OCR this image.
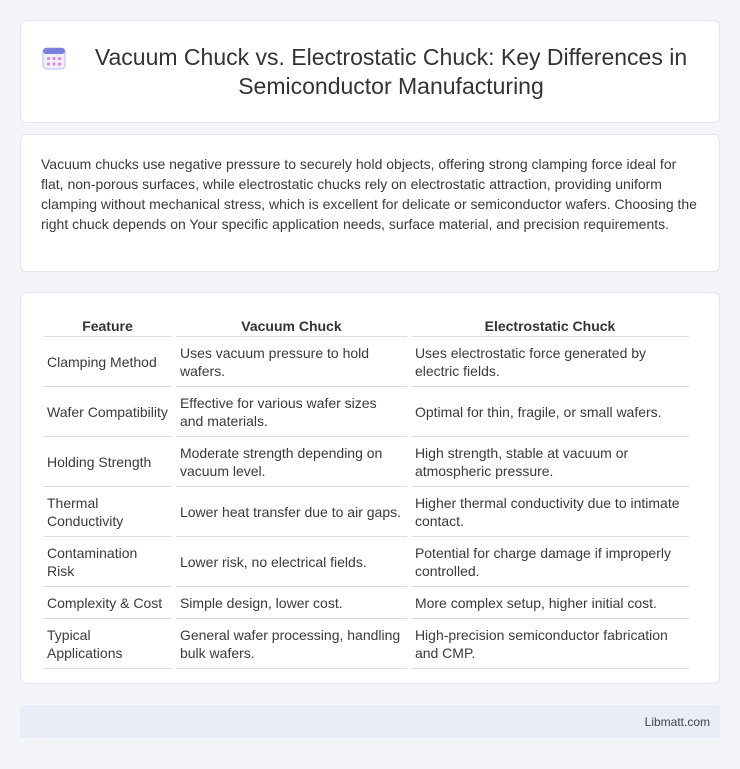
Vacuum Chuck vs. Electrostatic Chuck: Key Differences in Semiconductor Manufacturing

Vacuum chucks use negative pressure to securely hold objects, offering strong clamping force ideal for flat, non-porous surfaces, while electrostatic chucks rely on electrostatic attraction, providing uniform clamping without mechanical stress, which is excellent for delicate or semiconductor wafers. Choosing the right chuck depends on Your specific application needs, surface material, and precision requirements.

Feature	Vacuum Chuck	Electrostatic Chuck
Clamping Method	Uses vacuum pressure to hold wafers.	Uses electrostatic force generated by electric fields.
Wafer Compatibility	Effective for various wafer sizes and materials.	Optimal for thin, fragile, or small wafers.
Holding Strength	Moderate strength depending on vacuum level.	High strength, stable at vacuum or atmospheric pressure.
Thermal Conductivity	Lower heat transfer due to air gaps.	Higher thermal conductivity due to intimate contact.
Contamination Risk	Lower risk, no electrical fields.	Potential for charge damage if improperly controlled.
Complexity & Cost	Simple design, lower cost.	More complex setup, higher initial cost.
Typical Applications	General wafer processing, handling bulk wafers.	High-precision semiconductor fabrication and CMP.
Libmatt.com
